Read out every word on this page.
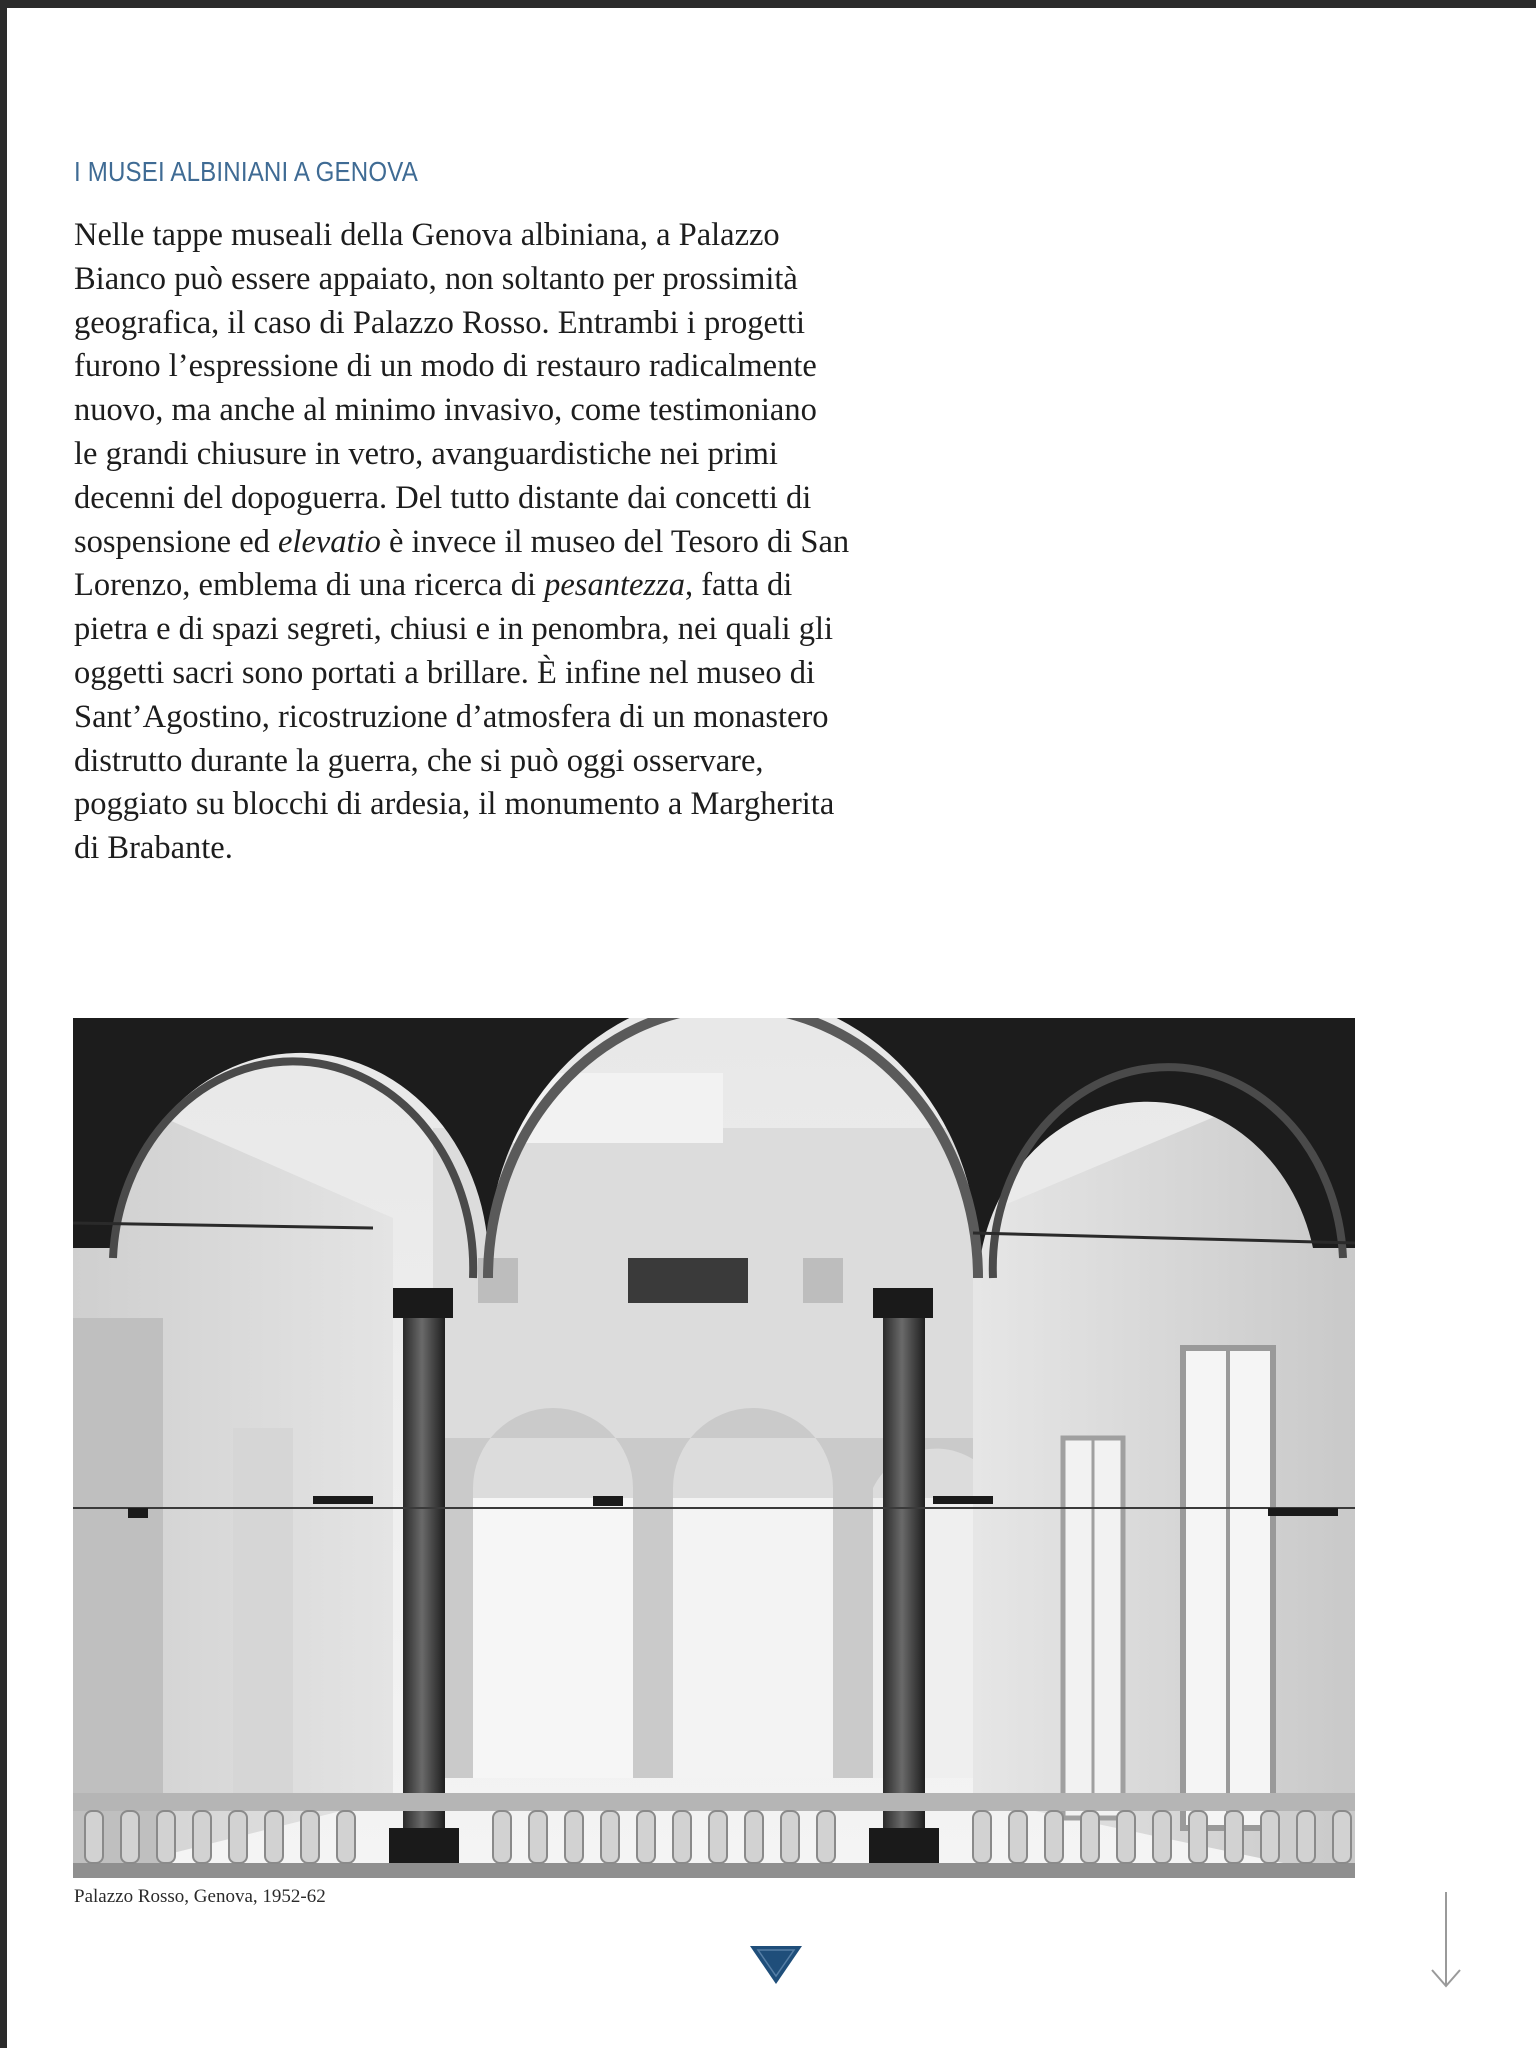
I MUSEI ALBINIANI A GENOVA

Nelle tappe museali della Genova albiniana, a Palazzo
Bianco può essere appaiato, non soltanto per prossimità
geografica, il caso di Palazzo Rosso. Entrambi i progetti
furono l’espressione di un modo di restauro radicalmente
nuovo, ma anche al minimo invasivo, come testimoniano
le grandi chiusure in vetro, avanguardistiche nei primi
decenni del dopoguerra. Del tutto distante dai concetti di
sospensione ed elevatio è invece il museo del Tesoro di San
Lorenzo, emblema di una ricerca di pesantezza, fatta di
pietra e di spazi segreti, chiusi e in penombra, nei quali gli
oggetti sacri sono portati a brillare. È infine nel museo di
Sant’Agostino, ricostruzione d’atmosfera di un monastero
distrutto durante la guerra, che si può oggi osservare,
poggiato su blocchi di ardesia, il monumento a Margherita
di Brabante.

Palazzo Rosso, Genova, 1952-62
